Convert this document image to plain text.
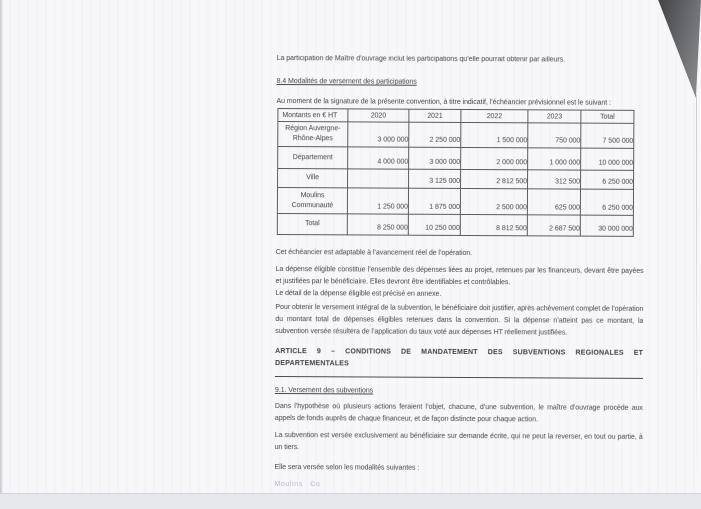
La participation de Maître d’ouvrage inclut les participations qu’elle pourrait obtenir par ailleurs.

8.4 Modalités de versement des participations

Au moment de la signature de la présente convention, à titre indicatif, l’échéancier prévisionnel est le suivant :

Montants en € HT	2020	2021	2022	2023	Total
Région Auvergne-Rhône-Alpes	3 000 000	2 250 000	1 500 000	750 000	7 500 000
Département	4 000 000	3 000 000	2 000 000	1 000 000	10 000 000
Ville		3 125 000	2 812 500	312 500	6 250 000
Moulins Communauté	1 250 000	1 875 000	2 500 000	625 000	6 250 000
Total	8 250 000	10 250 000	8 812 500	2 687 500	30 000 000

Cet échéancier est adaptable à l’avancement réel de l’opération.

La dépense éligible constitue l’ensemble des dépenses liées au projet, retenues par les financeurs, devant être payées et justifiées par le bénéficiaire. Elles devront être identifiables et contrôlables.
Le détail de la dépense éligible est précisé en annexe.

Pour obtenir le versement intégral de la subvention, le bénéficiaire doit justifier, après achèvement complet de l’opération du montant total de dépenses éligibles retenues dans la convention. Si la dépense n’atteint pas ce montant, la subvention versée résultera de l’application du taux voté aux dépenses HT réellement justifiées.

ARTICLE 9 – CONDITIONS DE MANDATEMENT DES SUBVENTIONS REGIONALES ET
DEPARTEMENTALES

9.1. Versement des subventions

Dans l’hypothèse où plusieurs actions feraient l’objet, chacune, d’une subvention, le maître d’ouvrage procède aux appels de fonds auprès de chaque financeur, et de façon distincte pour chaque action.

La subvention est versée exclusivement au bénéficiaire sur demande écrite, qui ne peut la reverser, en tout ou partie, à un tiers.

Elle sera versée selon les modalités suivantes :

Moulins Co
